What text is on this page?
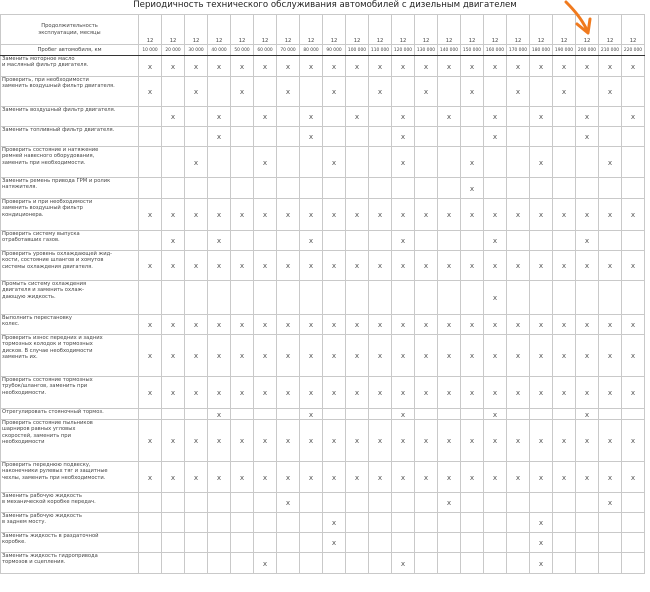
Периодичность технического обслуживания автомобилей с дизельным двигателем
Продолжительность
эксплуатации, месяцы	12	12	12	12	12	12	12	12	12	12	12	12	12	12	12	12	12	12	12	12	12	12
Пробег автомобиля, км	10 000	20 000	30 000	40 000	50 000	60 000	70 000	80 000	90 000	100 000	110 000	120 000	130 000	140 000	150 000	160 000	170 000	180 000	190 000	200 000	210 000	220 000
Заменить моторное масло
и масляный фильтр двигателя.	x	x	x	x	x	x	x	x	x	x	x	x	x	x	x	x	x	x	x	x	x	x
Проверить, при необходимости
заменить воздушный фильтр двигателя.	x		x		x		x		x		x		x		x		x		x		x	
Заменить воздушный фильтр двигателя.		x		x		x		x		x		x		x		x		x		x		x
Заменить топливный фильтр двигателя.				x				x				x				x				x		
Проверить состояние и натяжение
ремней навесного оборудования,
заменить при необходимости.			x			x			x			x			x			x			x	
Заменить ремень привода ГРМ и ролик
натяжителя.															x							
Проверить и при необходимости
заменить воздушный фильтр
кондиционера.	x	x	x	x	x	x	x	x	x	x	x	x	x	x	x	x	x	x	x	x	x	x
Проверить систему выпуска
отработавших газов.		x		x				x				x				x				x		
Проверить уровень охлаждающей жид-
кости, состояние шлангов и хомутов
системы охлаждения двигателя.	x	x	x	x	x	x	x	x	x	x	x	x	x	x	x	x	x	x	x	x	x	x
Промыть систему охлаждения
двигателя и заменить охлаж-
дающую жидкость.																x						
Выполнить перестановку
колес.	x	x	x	x	x	x	x	x	x	x	x	x	x	x	x	x	x	x	x	x	x	x
Проверить износ передних и задних
тормозных колодок и тормозных
дисков. В случае необходимости
заменить их.	x	x	x	x	x	x	x	x	x	x	x	x	x	x	x	x	x	x	x	x	x	x
Проверить состояние тормозных
трубок/шлангов, заменить при
необходимости.	x	x	x	x	x	x	x	x	x	x	x	x	x	x	x	x	x	x	x	x	x	x
Отрегулировать стояночный тормоз.				x				x				x				x				x		
Проверить состояние пыльников
шарниров равных угловых
скоростей, заменить при
необходимости	x	x	x	x	x	x	x	x	x	x	x	x	x	x	x	x	x	x	x	x	x	x
Проверить переднюю подвеску,
наконечники рулевых тяг и защитные
чехлы, заменить при необходимости.	x	x	x	x	x	x	x	x	x	x	x	x	x	x	x	x	x	x	x	x	x	x
Заменить рабочую жидкость
в механической коробке передач.							x							x							x	
Заменить рабочую жидкость
в заднем мосту.									x									x				
Заменить жидкость в раздаточной
коробке.									x									x				
Заменить жидкость гидропривода
тормозов и сцепления.						x						x						x				
